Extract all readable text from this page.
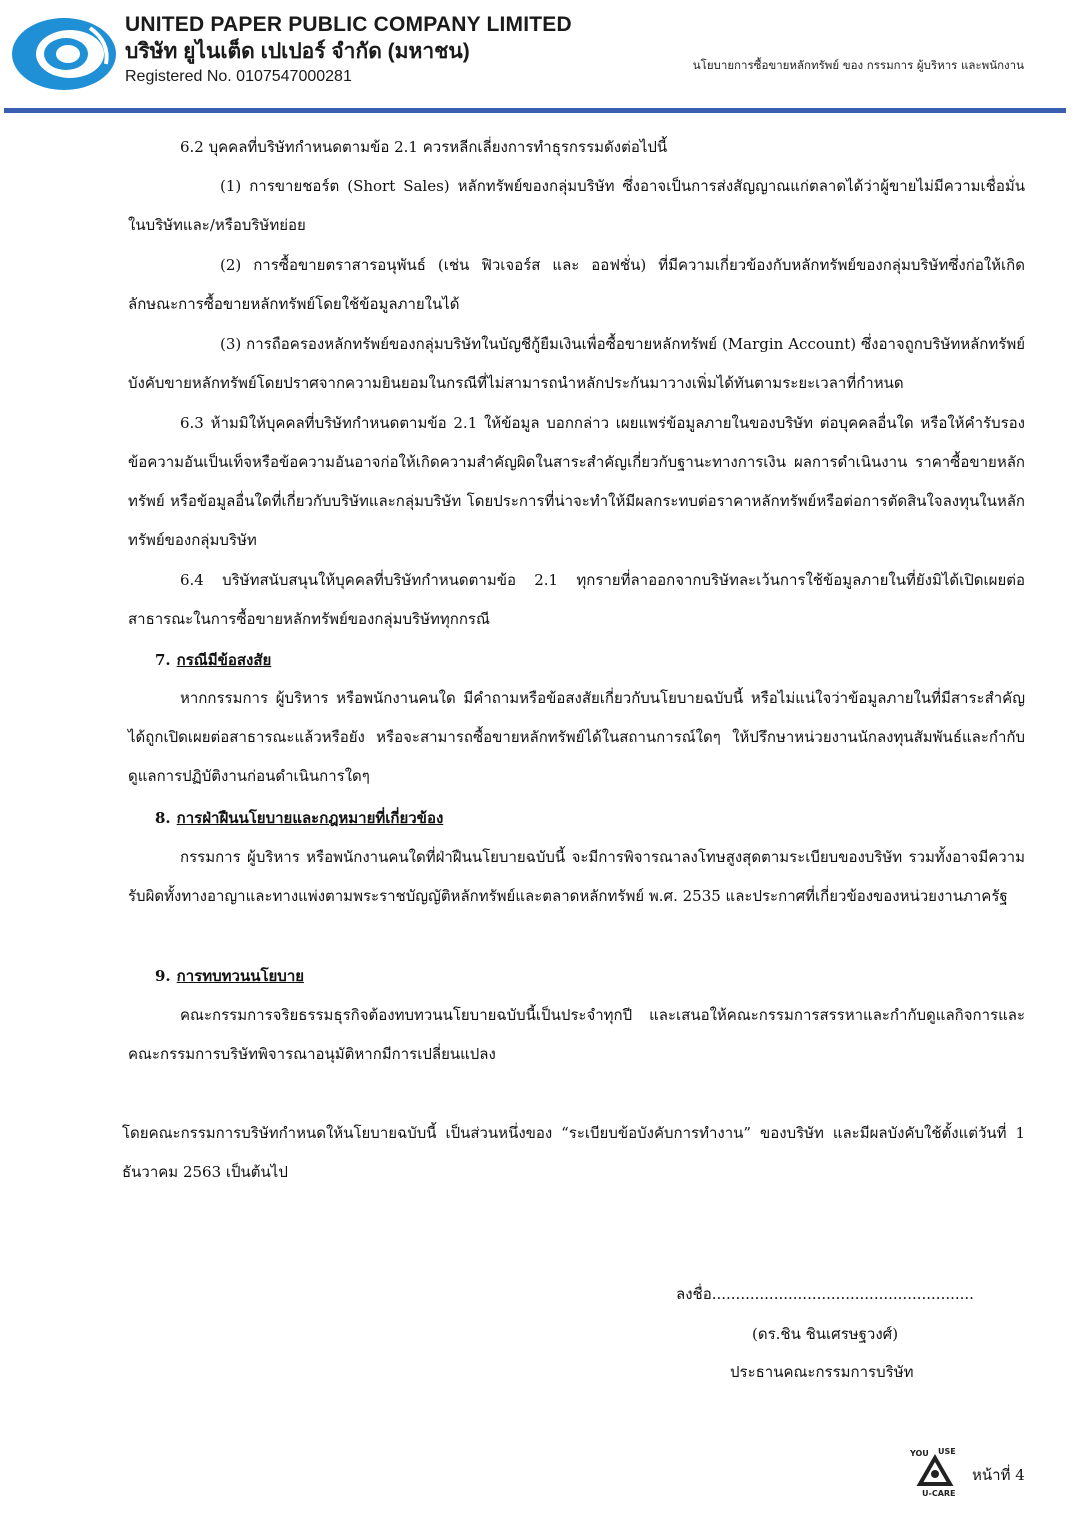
UNITED PAPER PUBLIC COMPANY LIMITED
บริษัท ยูไนเต็ด เปเปอร์ จำกัด (มหาชน)
Registered No. 0107547000281
นโยบายการซื้อขายหลักทรัพย์ ของ กรรมการ ผู้บริหาร และพนักงาน
6.2 บุคคลที่บริษัทกำหนดตามข้อ 2.1 ควรหลีกเลี่ยงการทำธุรกรรมดังต่อไปนี้
(1) การขายชอร์ต (Short Sales) หลักทรัพย์ของกลุ่มบริษัท ซึ่งอาจเป็นการส่งสัญญาณแก่ตลาดได้ว่าผู้ขายไม่มีความเชื่อมั่นในบริษัทและ/หรือบริษัทย่อย
(2) การซื้อขายตราสารอนุพันธ์ (เช่น ฟิวเจอร์ส และ ออฟชั่น) ที่มีความเกี่ยวข้องกับหลักทรัพย์ของกลุ่มบริษัทซึ่งก่อให้เกิดลักษณะการซื้อขายหลักทรัพย์โดยใช้ข้อมูลภายในได้
(3) การถือครองหลักทรัพย์ของกลุ่มบริษัทในบัญชีกู้ยืมเงินเพื่อซื้อขายหลักทรัพย์ (Margin Account) ซึ่งอาจถูกบริษัทหลักทรัพย์บังคับขายหลักทรัพย์โดยปราศจากความยินยอมในกรณีที่ไม่สามารถนำหลักประกันมาวางเพิ่มได้ทันตามระยะเวลาที่กำหนด
6.3 ห้ามมิให้บุคคลที่บริษัทกำหนดตามข้อ 2.1 ให้ข้อมูล บอกกล่าว เผยแพร่ข้อมูลภายในของบริษัท ต่อบุคคลอื่นใด หรือให้คำรับรองข้อความอันเป็นเท็จหรือข้อความอันอาจก่อให้เกิดความสำคัญผิดในสาระสำคัญเกี่ยวกับฐานะทางการเงิน ผลการดำเนินงาน ราคาซื้อขายหลักทรัพย์ หรือข้อมูลอื่นใดที่เกี่ยวกับบริษัทและกลุ่มบริษัท โดยประการที่น่าจะทำให้มีผลกระทบต่อราคาหลักทรัพย์หรือต่อการตัดสินใจลงทุนในหลักทรัพย์ของกลุ่มบริษัท
6.4 บริษัทสนับสนุนให้บุคคลที่บริษัทกำหนดตามข้อ 2.1 ทุกรายที่ลาออกจากบริษัทละเว้นการใช้ข้อมูลภายในที่ยังมิได้เปิดเผยต่อสาธารณะในการซื้อขายหลักทรัพย์ของกลุ่มบริษัททุกกรณี
7. กรณีมีข้อสงสัย
หากกรรมการ ผู้บริหาร หรือพนักงานคนใด มีคำถามหรือข้อสงสัยเกี่ยวกับนโยบายฉบับนี้ หรือไม่แน่ใจว่าข้อมูลภายในที่มีสาระสำคัญได้ถูกเปิดเผยต่อสาธารณะแล้วหรือยัง หรือจะสามารถซื้อขายหลักทรัพย์ได้ในสถานการณ์ใดๆ ให้ปรึกษาหน่วยงานนักลงทุนสัมพันธ์และกำกับดูแลการปฏิบัติงานก่อนดำเนินการใดๆ
8. การฝ่าฝืนนโยบายและกฎหมายที่เกี่ยวข้อง
กรรมการ ผู้บริหาร หรือพนักงานคนใดที่ฝ่าฝืนนโยบายฉบับนี้ จะมีการพิจารณาลงโทษสูงสุดตามระเบียบของบริษัท รวมทั้งอาจมีความรับผิดทั้งทางอาญาและทางแพ่งตามพระราชบัญญัติหลักทรัพย์และตลาดหลักทรัพย์ พ.ศ. 2535 และประกาศที่เกี่ยวข้องของหน่วยงานภาครัฐ
9. การทบทวนนโยบาย
คณะกรรมการจริยธรรมธุรกิจต้องทบทวนนโยบายฉบับนี้เป็นประจำทุกปี และเสนอให้คณะกรรมการสรรหาและกำกับดูแลกิจการและคณะกรรมการบริษัทพิจารณาอนุมัติหากมีการเปลี่ยนแปลง
โดยคณะกรรมการบริษัทกำหนดให้นโยบายฉบับนี้ เป็นส่วนหนึ่งของ “ระเบียบข้อบังคับการทำงาน” ของบริษัท และมีผลบังคับใช้ตั้งแต่วันที่ 1 ธันวาคม 2563 เป็นต้นไป
ลงชื่อ.......................................................
(ดร.ชิน ชินเศรษฐวงศ์)
ประธานคณะกรรมการบริษัท
YOU USE
U-CARE
หน้าที่ 4
